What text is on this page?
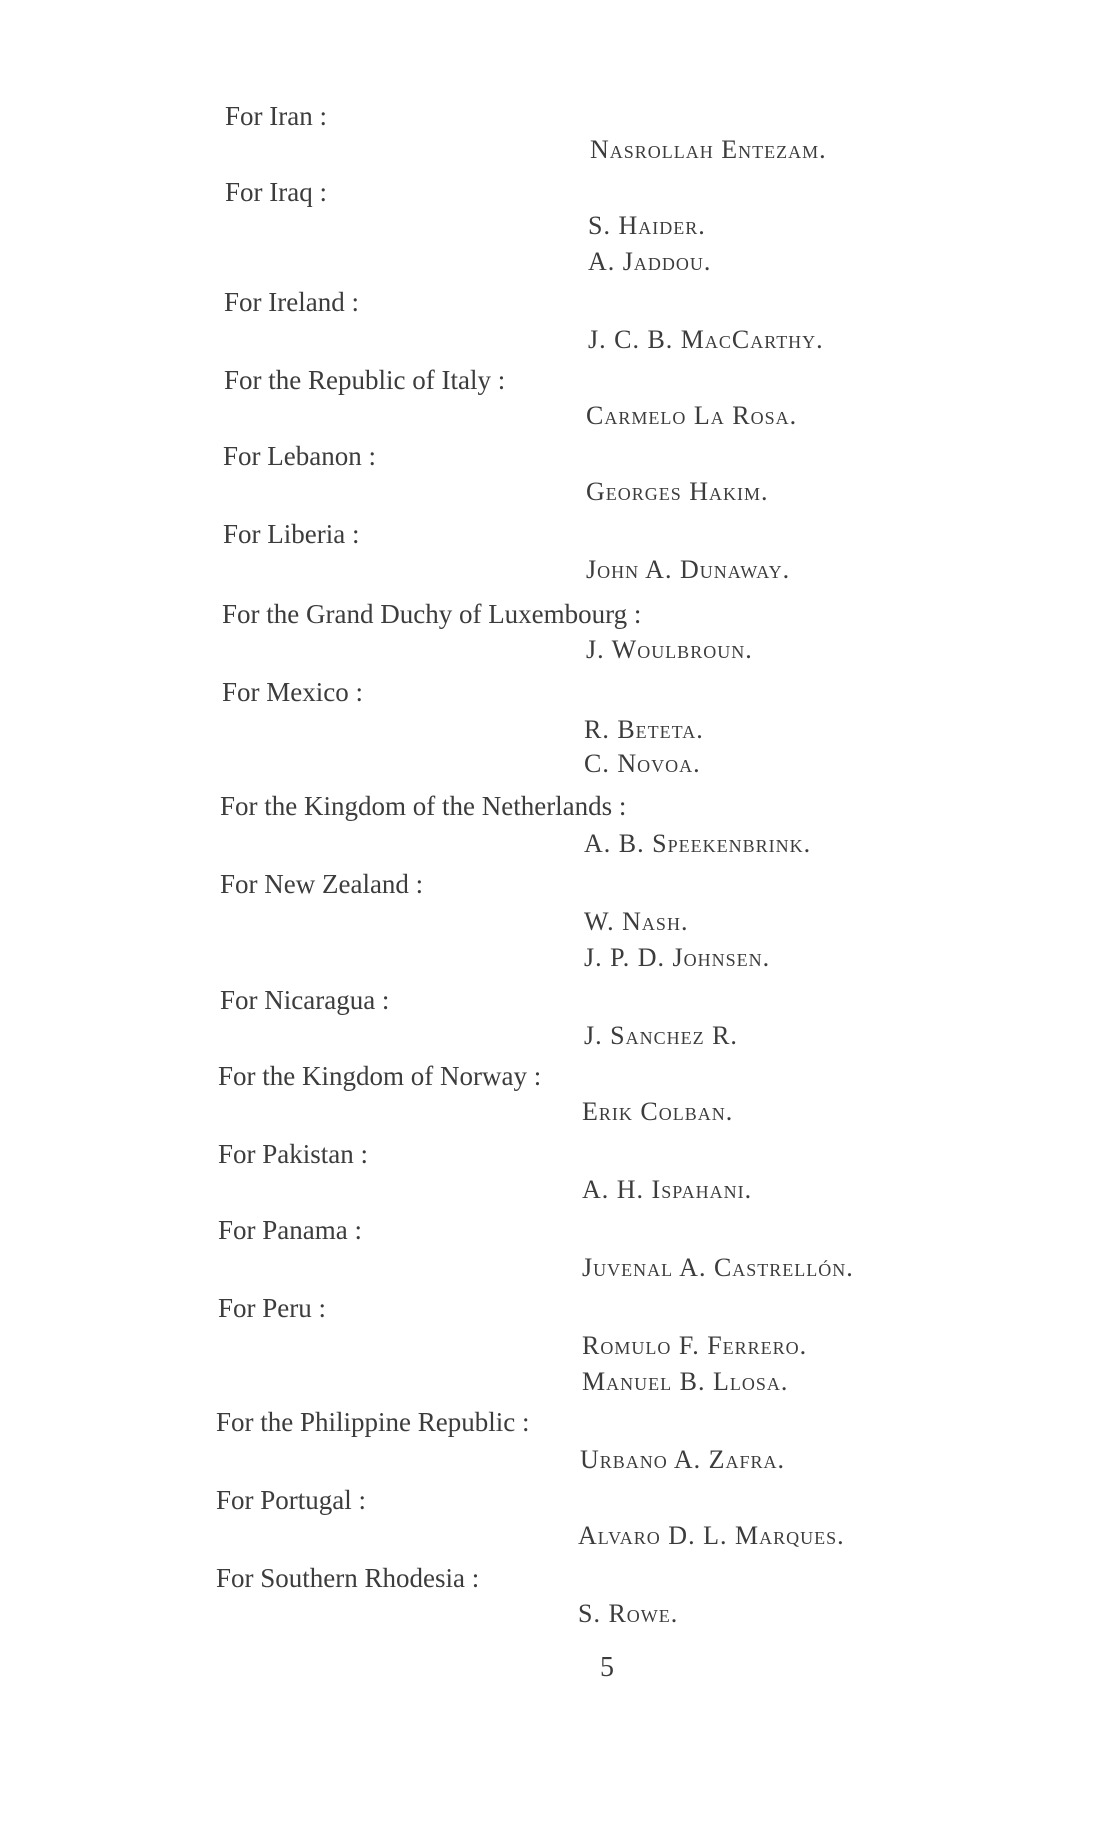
For Iran :
Nasrollah Entezam.
For Iraq :
S. Haider.
A. Jaddou.
For Ireland :
J. C. B. MacCarthy.
For the Republic of Italy :
Carmelo La Rosa.
For Lebanon :
Georges Hakim.
For Liberia :
John A. Dunaway.
For the Grand Duchy of Luxembourg :
J. Woulbroun.
For Mexico :
R. Beteta.
C. Novoa.
For the Kingdom of the Netherlands :
A. B. Speekenbrink.
For New Zealand :
W. Nash.
J. P. D. Johnsen.
For Nicaragua :
J. Sanchez R.
For the Kingdom of Norway :
Erik Colban.
For Pakistan :
A. H. Ispahani.
For Panama :
Juvenal A. Castrellón.
For Peru :
Romulo F. Ferrero.
Manuel B. Llosa.
For the Philippine Republic :
Urbano A. Zafra.
For Portugal :
Alvaro D. L. Marques.
For Southern Rhodesia :
S. Rowe.
5
